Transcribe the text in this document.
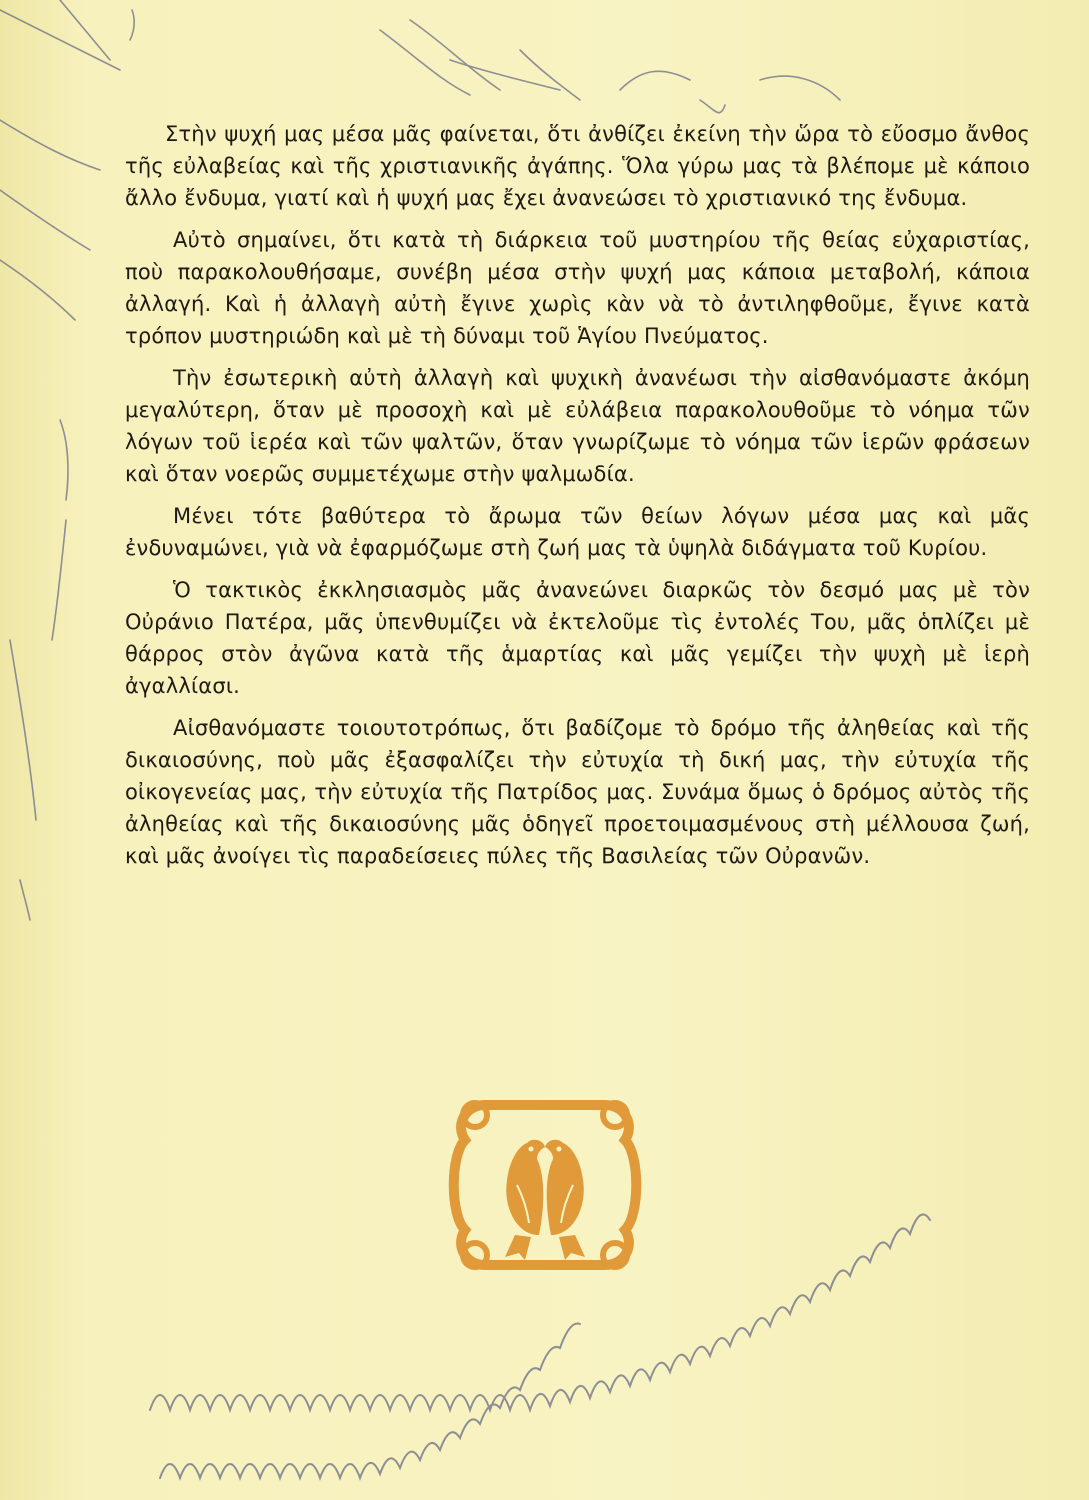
Στὴν ψυχή μας μέσα μᾶς φαίνεται, ὅτι ἀνθίζει ἐκείνη τὴν ὥρα τὸ εὔοσμο ἄνθος τῆς εὐλαβείας καὶ τῆς χριστιανικῆς ἀγάπης. Ὅλα γύρω μας τὰ βλέπομε μὲ κάποιο ἄλλο ἔνδυμα, γιατί καὶ ἡ ψυχή μας ἔχει ἀνανεώσει τὸ χριστιανικό της ἔνδυμα.

Αὐτὸ σημαίνει, ὅτι κατὰ τὴ διάρκεια τοῦ μυστηρίου τῆς θείας εὐχαριστίας, ποὺ παρακολουθήσαμε, συνέβη μέσα στὴν ψυχή μας κάποια μεταβολή, κάποια ἀλλαγή. Καὶ ἡ ἀλλαγὴ αὐτὴ ἔγινε χωρὶς κὰν νὰ τὸ ἀντιληφθοῦμε, ἔγινε κατὰ τρόπον μυστηριώδη καὶ μὲ τὴ δύναμι τοῦ Ἁγίου Πνεύματος.

Τὴν ἐσωτερικὴ αὐτὴ ἀλλαγὴ καὶ ψυχικὴ ἀνανέωσι τὴν αἰσθανόμαστε ἀκόμη μεγαλύτερη, ὅταν μὲ προσοχὴ καὶ μὲ εὐλάβεια παρακολουθοῦμε τὸ νόημα τῶν λόγων τοῦ ἱερέα καὶ τῶν ψαλτῶν, ὅταν γνωρίζωμε τὸ νόημα τῶν ἱερῶν φράσεων καὶ ὅταν νοερῶς συμμετέχωμε στὴν ψαλμωδία.

Μένει τότε βαθύτερα τὸ ἄρωμα τῶν θείων λόγων μέσα μας καὶ μᾶς ἐνδυναμώνει, γιὰ νὰ ἐφαρμόζωμε στὴ ζωή μας τὰ ὑψηλὰ διδάγματα τοῦ Κυρίου.

Ὁ τακτικὸς ἐκκλησιασμὸς μᾶς ἀνανεώνει διαρκῶς τὸν δεσμό μας μὲ τὸν Οὐράνιο Πατέρα, μᾶς ὑπενθυμίζει νὰ ἐκτελοῦμε τὶς ἐντολές Του, μᾶς ὁπλίζει μὲ θάρρος στὸν ἀγῶνα κατὰ τῆς ἁμαρτίας καὶ μᾶς γεμίζει τὴν ψυχὴ μὲ ἱερὴ ἀγαλλίασι.

Αἰσθανόμαστε τοιουτοτρόπως, ὅτι βαδίζομε τὸ δρόμο τῆς ἀληθείας καὶ τῆς δικαιοσύνης, ποὺ μᾶς ἐξασφαλίζει τὴν εὐτυχία τὴ δική μας, τὴν εὐτυχία τῆς οἰκογενείας μας, τὴν εὐτυχία τῆς Πατρίδος μας. Συνάμα ὅμως ὁ δρόμος αὐτὸς τῆς ἀληθείας καὶ τῆς δικαιοσύνης μᾶς ὁδηγεῖ προετοιμασμένους στὴ μέλλουσα ζωή, καὶ μᾶς ἀνοίγει τὶς παραδείσειες πύλες τῆς Βασιλείας τῶν Οὐρανῶν.
